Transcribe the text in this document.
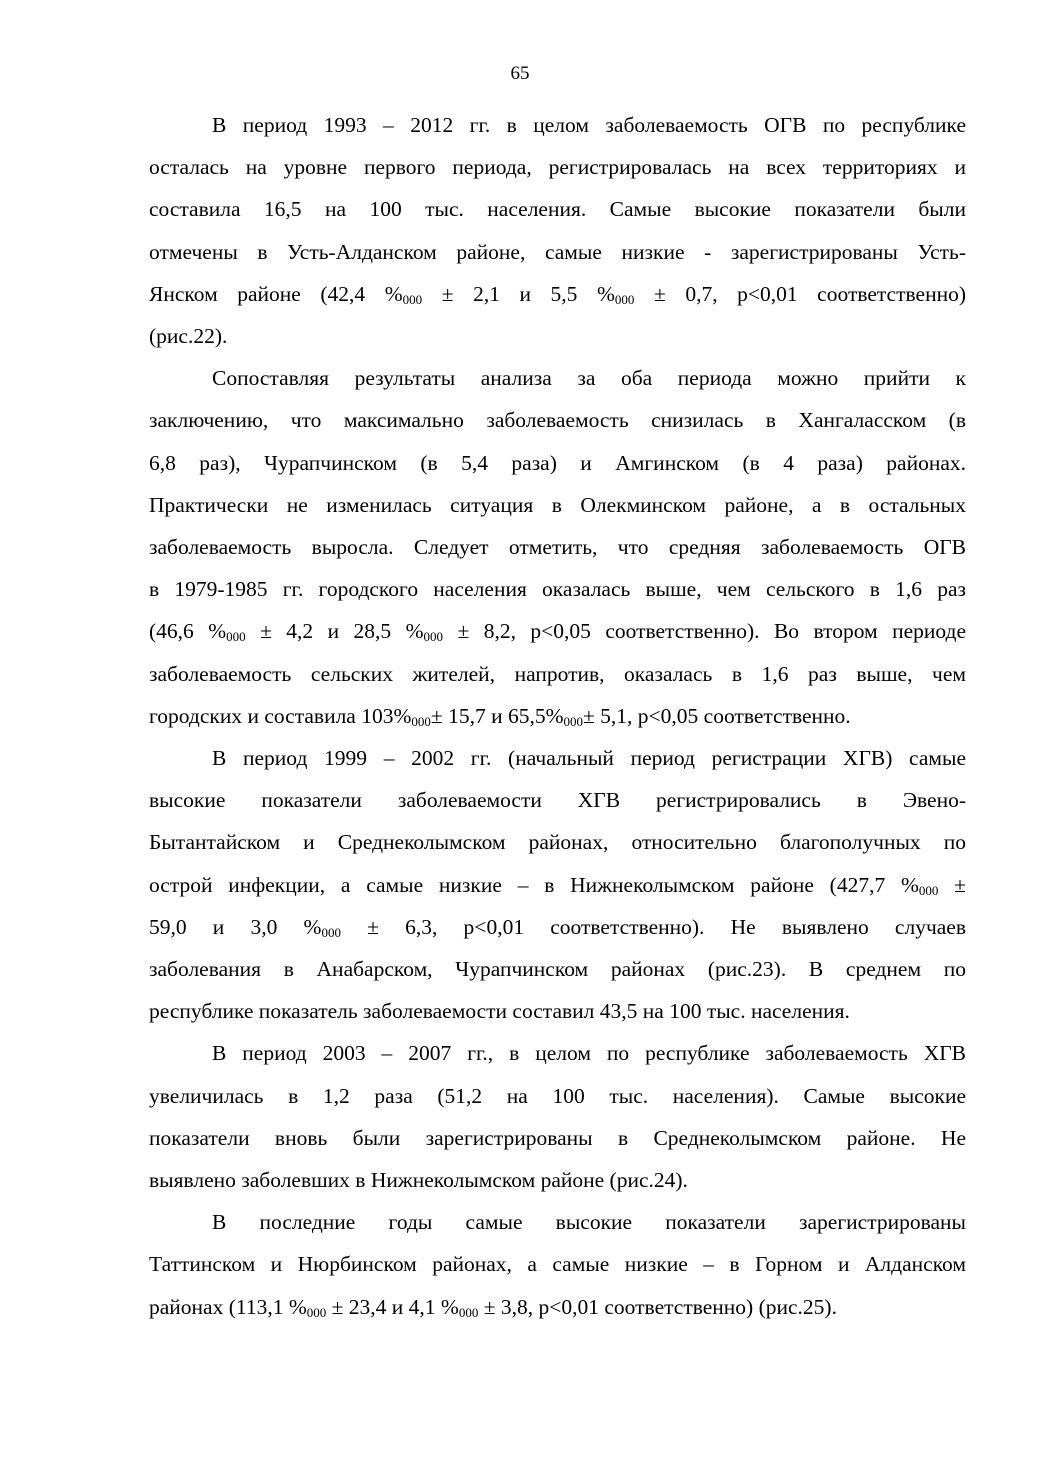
65

В период 1993 – 2012 гг. в целом заболеваемость ОГВ по республике
осталась на уровне первого периода, регистрировалась на всех территориях и
составила 16,5 на 100 тыс. населения. Самые высокие показатели были
отмечены в Усть-Алданском районе, самые низкие - зарегистрированы Усть-
Янском районе (42,4 $\%_{000} \pm 2,1$ и 5,5 $\%_{000} \pm 0,7$, р<0,01 соответственно)
(рис.22).

Сопоставляя результаты анализа за оба периода можно прийти к
заключению, что максимально заболеваемость снизилась в Хангаласском (в
6,8 раз), Чурапчинском (в 5,4 раза) и Амгинском (в 4 раза) районах.
Практически не изменилась ситуация в Олекминском районе, а в остальных
заболеваемость выросла. Следует отметить, что средняя заболеваемость ОГВ
в 1979-1985 гг. городского населения оказалась выше, чем сельского в 1,6 раз
(46,6 $\%_{000} \pm 4,2$ и 28,5 $\%_{000} \pm 8,2$, р<0,05 соответственно). Во втором периоде
заболеваемость сельских жителей, напротив, оказалась в 1,6 раз выше, чем
городских и составила $103\%_{000}\pm 15,7$ и $65,5\%_{000}\pm 5,1$, р<0,05 соответственно.

В период 1999 – 2002 гг. (начальный период регистрации ХГВ) самые
высокие показатели заболеваемости ХГВ регистрировались в Эвено-
Бытантайском и Среднеколымском районах, относительно благополучных по
острой инфекции, а самые низкие – в Нижнеколымском районе (427,7 $\%_{000}$ ±
59,0 и 3,0 $\%_{000} \pm 6,3$, р<0,01 соответственно). Не выявлено случаев
заболевания в Анабарском, Чурапчинском районах (рис.23). В среднем по
республике показатель заболеваемости составил 43,5 на 100 тыс. населения.

В период 2003 – 2007 гг., в целом по республике заболеваемость ХГВ
увеличилась в 1,2 раза (51,2 на 100 тыс. населения). Самые высокие
показатели вновь были зарегистрированы в Среднеколымском районе. Не
выявлено заболевших в Нижнеколымском районе (рис.24).

В последние годы самые высокие показатели зарегистрированы
Таттинском и Нюрбинском районах, а самые низкие – в Горном и Алданском
районах (113,1 $\%_{000} \pm 23,4$ и 4,1 $\%_{000} \pm 3,8$, р<0,01 соответственно) (рис.25).
